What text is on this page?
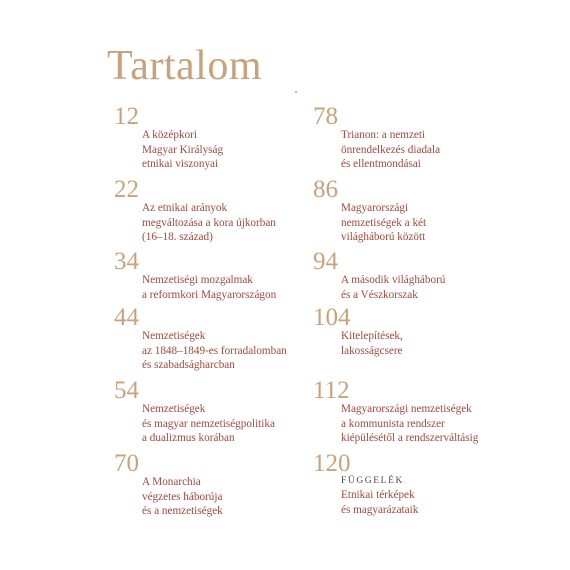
Tartalom
12
A középkori
Magyar Királyság
etnikai viszonyai
22
Az etnikai arányok
megváltozása a kora újkorban
(16–18. század)
34
Nemzetiségi mozgalmak
a reformkori Magyarországon
44
Nemzetiségek
az 1848–1849-es forradalomban
és szabadságharcban
54
Nemzetiségek
és magyar nemzetiségpolitika
a dualizmus korában
70
A Monarchia
végzetes háborúja
és a nemzetiségek
78
Trianon: a nemzeti
önrendelkezés diadala
és ellentmondásai
86
Magyarországi
nemzetiségek a két
világháború között
94
A második világháború
és a Vészkorszak
104
Kitelepítések,
lakosságcsere
112
Magyarországi nemzetiségek
a kommunista rendszer
kiépülésétől a rendszerváltásig
120
FÜGGELÉK
Etnikai térképek
és magyarázataik
